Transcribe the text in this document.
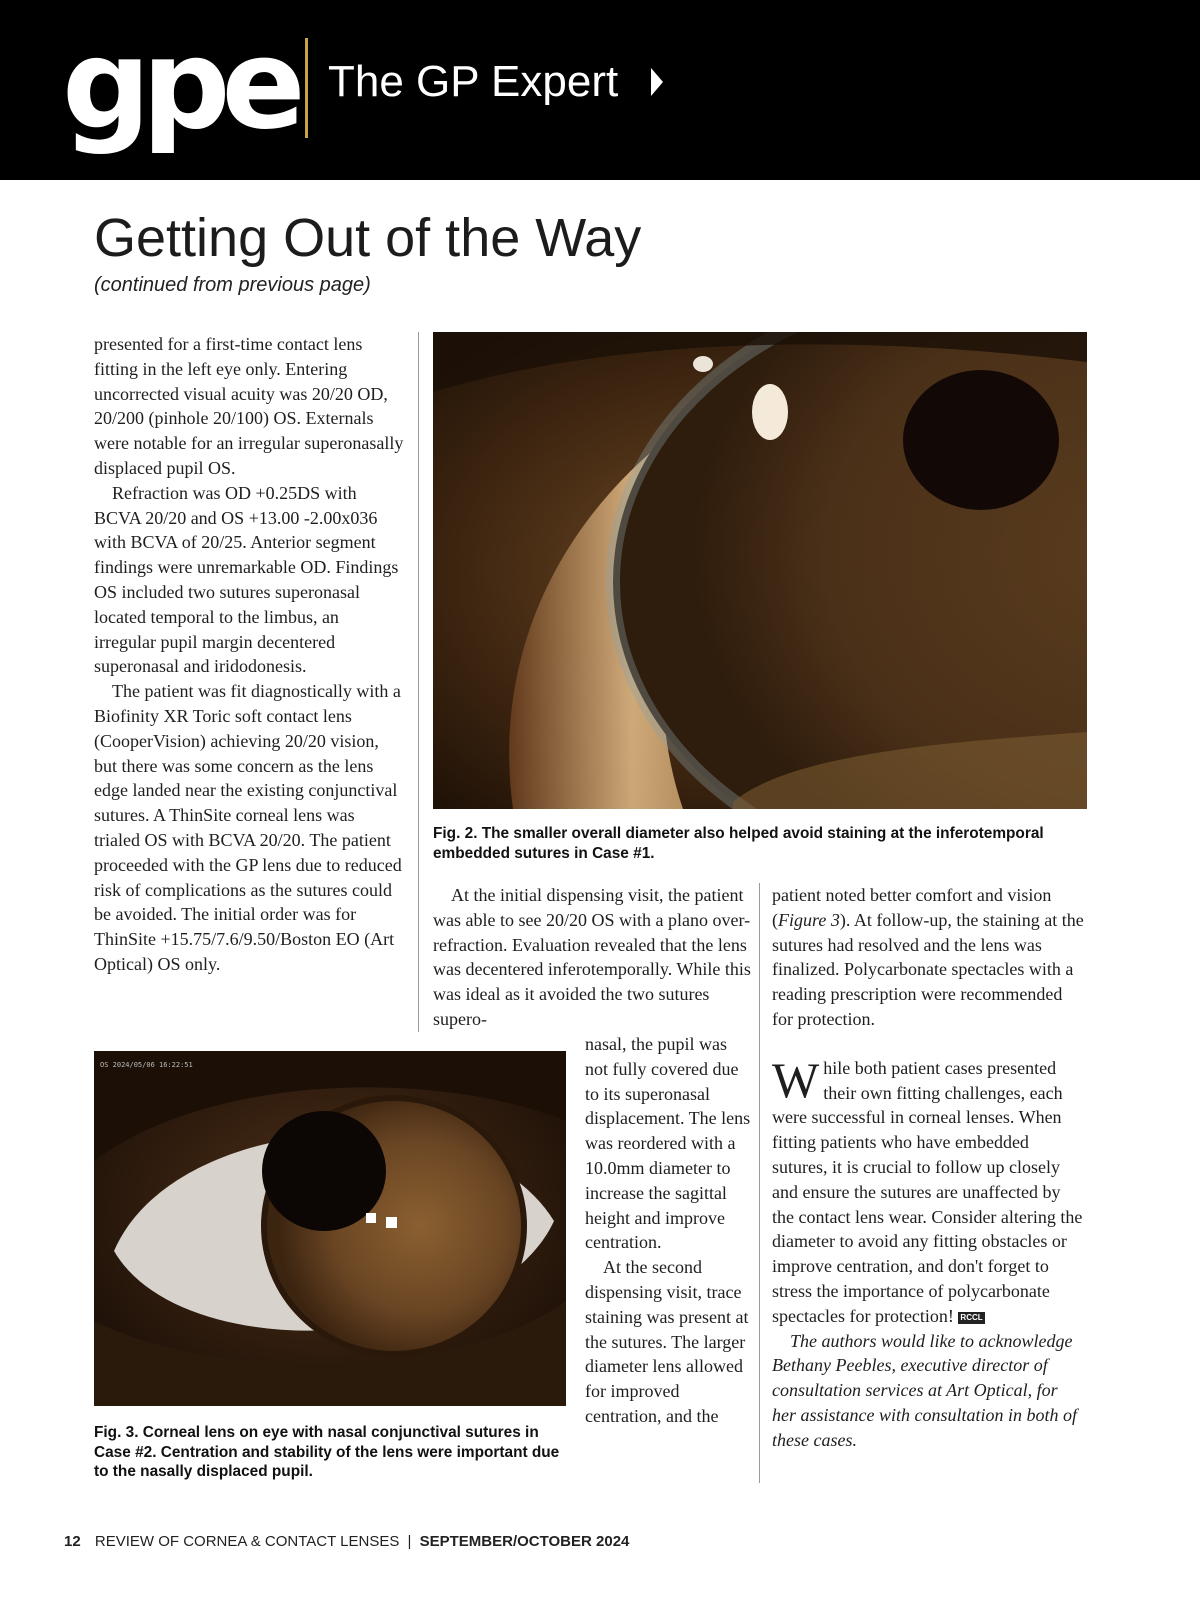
gpe The GP Expert
Getting Out of the Way
(continued from previous page)

presented for a first-time contact lens fitting in the left eye only. Entering uncorrected visual acuity was 20/20 OD, 20/200 (pinhole 20/100) OS. Externals were notable for an irregular superonasally displaced pupil OS.

Refraction was OD +0.25DS with BCVA 20/20 and OS +13.00 -2.00x036 with BCVA of 20/25. Anterior segment findings were unremarkable OD. Findings OS included two sutures superonasal located temporal to the limbus, an irregular pupil margin decentered superonasal and iridodonesis.

The patient was fit diagnostically with a Biofinity XR Toric soft contact lens (CooperVision) achieving 20/20 vision, but there was some concern as the lens edge landed near the existing conjunctival sutures. A ThinSite corneal lens was trialed OS with BCVA 20/20. The patient proceeded with the GP lens due to reduced risk of complications as the sutures could be avoided. The initial order was for ThinSite +15.75/7.6/9.50/Boston EO (Art Optical) OS only.

Fig. 2. The smaller overall diameter also helped avoid staining at the inferotemporal embedded sutures in Case #1.

At the initial dispensing visit, the patient was able to see 20/20 OS with a plano over-refraction. Evaluation revealed that the lens was decentered inferotemporally. While this was ideal as it avoided the two sutures supero-

nasal, the pupil was not fully covered due to its superonasal displacement. The lens was reordered with a 10.0mm diameter to increase the sagittal height and improve centration.

At the second dispensing visit, trace staining was present at the sutures. The larger diameter lens allowed for improved centration, and the

patient noted better comfort and vision (Figure 3). At follow-up, the staining at the sutures had resolved and the lens was finalized. Polycarbonate spectacles with a reading prescription were recommended for protection.

While both patient cases presented their own fitting challenges, each were successful in corneal lenses. When fitting patients who have embedded sutures, it is crucial to follow up closely and ensure the sutures are unaffected by the contact lens wear. Consider altering the diameter to avoid any fitting obstacles or improve centration, and don't forget to stress the importance of polycarbonate spectacles for protection! RCCL

The authors would like to acknowledge Bethany Peebles, executive director of consultation services at Art Optical, for her assistance with consultation in both of these cases.

OS 2024/05/06 16:22:51
Fig. 3. Corneal lens on eye with nasal conjunctival sutures in Case #2. Centration and stability of the lens were important due to the nasally displaced pupil.
12 REVIEW OF CORNEA & CONTACT LENSES | SEPTEMBER/OCTOBER 2024
